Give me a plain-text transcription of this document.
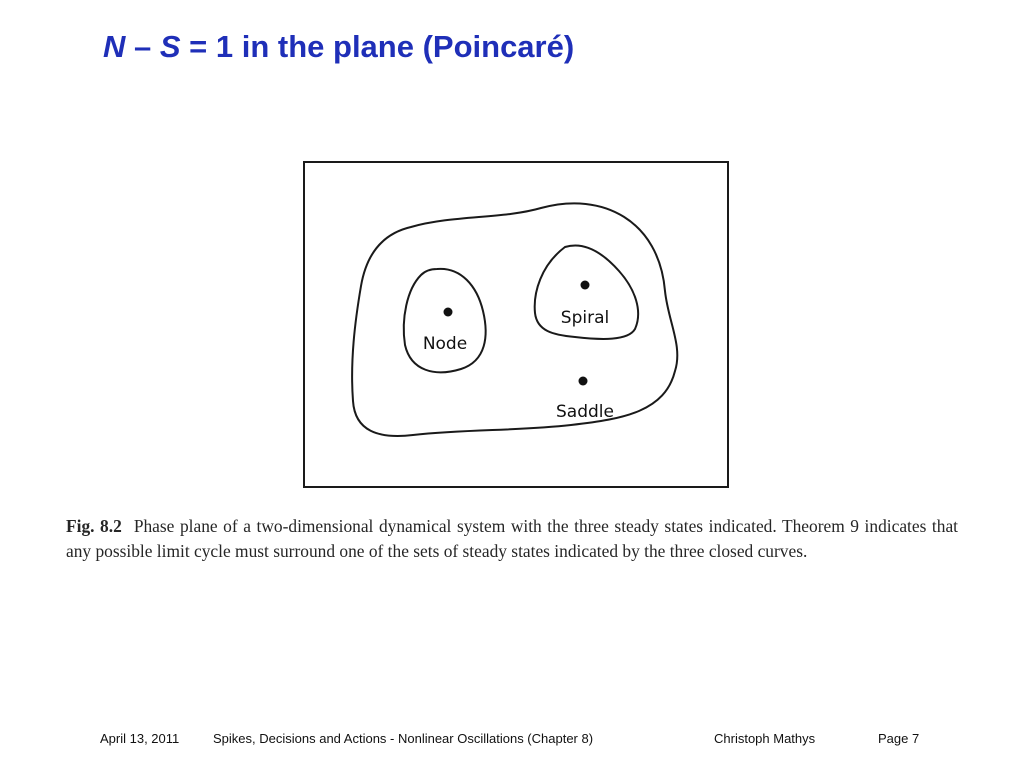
N – S = 1 in the plane (Poincaré)
Node
Spiral
Saddle
Fig. 8.2 Phase plane of a two-dimensional dynamical system with the three steady states indicated. Theorem 9 indicates that any possible limit cycle must surround one of the sets of steady states indicated by the three closed curves.
April 13, 2011	Spikes, Decisions and Actions - Nonlinear Oscillations (Chapter 8)	Christoph Mathys	Page 7
